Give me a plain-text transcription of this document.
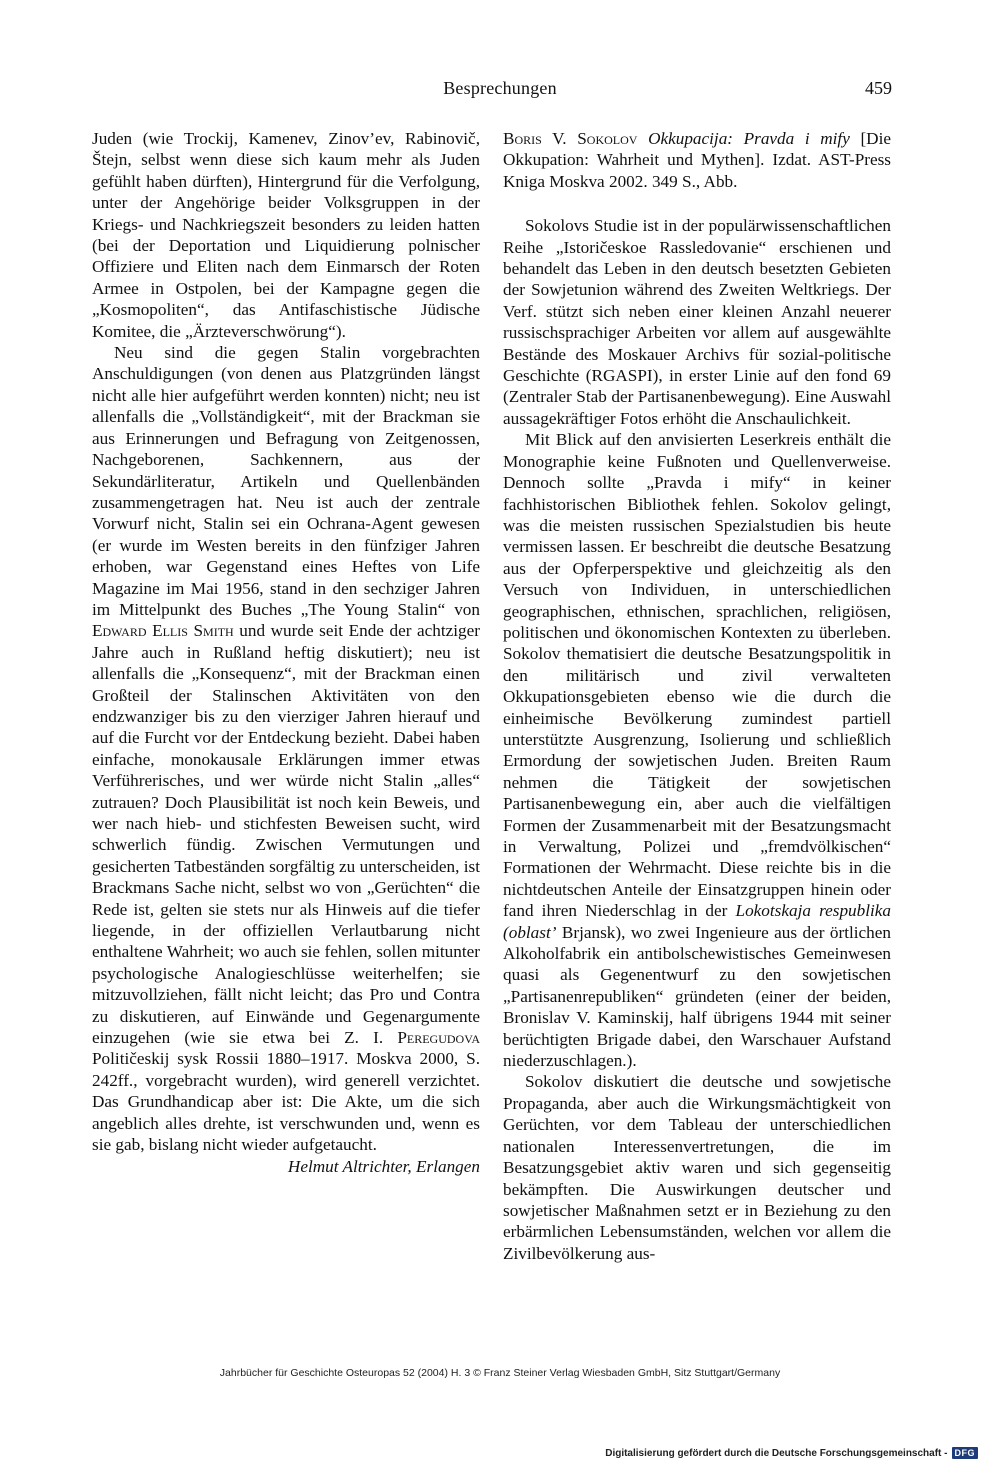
Besprechungen	459

Juden (wie Trockij, Kamenev, Zinov’ev, Rabinovič, Štejn, selbst wenn diese sich kaum mehr als Juden gefühlt haben dürften), Hintergrund für die Verfolgung, unter der Angehörige beider Volksgruppen in der Kriegs- und Nachkriegszeit besonders zu leiden hatten (bei der Deportation und Liquidierung polnischer Offiziere und Eliten nach dem Einmarsch der Roten Armee in Ostpolen, bei der Kampagne gegen die „Kosmopoliten“, das Antifaschistische Jüdische Komitee, die „Ärzteverschwörung“).

Neu sind die gegen Stalin vorgebrachten Anschuldigungen (von denen aus Platzgründen längst nicht alle hier aufgeführt werden konnten) nicht; neu ist allenfalls die „Vollständigkeit“, mit der Brackman sie aus Erinnerungen und Befragung von Zeitgenossen, Nachgeborenen, Sachkennern, aus der Sekundärliteratur, Artikeln und Quellenbänden zusammengetragen hat. Neu ist auch der zentrale Vorwurf nicht, Stalin sei ein Ochrana-Agent gewesen (er wurde im Westen bereits in den fünfziger Jahren erhoben, war Gegenstand eines Heftes von Life Magazine im Mai 1956, stand in den sechziger Jahren im Mittelpunkt des Buches „The Young Stalin“ von Edward Ellis Smith und wurde seit Ende der achtziger Jahre auch in Rußland heftig diskutiert); neu ist allenfalls die „Konsequenz“, mit der Brackman einen Großteil der Stalinschen Aktivitäten von den endzwanziger bis zu den vierziger Jahren hierauf und auf die Furcht vor der Entdeckung bezieht. Dabei haben einfache, monokausale Erklärungen immer etwas Verführerisches, und wer würde nicht Stalin „alles“ zutrauen? Doch Plausibilität ist noch kein Beweis, und wer nach hieb- und stichfesten Beweisen sucht, wird schwerlich fündig. Zwischen Vermutungen und gesicherten Tatbeständen sorgfältig zu unterscheiden, ist Brackmans Sache nicht, selbst wo von „Gerüchten“ die Rede ist, gelten sie stets nur als Hinweis auf die tiefer liegende, in der offiziellen Verlautbarung nicht enthaltene Wahrheit; wo auch sie fehlen, sollen mitunter psychologische Analogieschlüsse weiterhelfen; sie mitzuvollziehen, fällt nicht leicht; das Pro und Contra zu diskutieren, auf Einwände und Gegenargumente einzugehen (wie sie etwa bei Z. I. Peregudova Političeskij sysk Rossii 1880–1917. Moskva 2000, S. 242ff., vorgebracht wurden), wird generell verzichtet. Das Grundhandicap aber ist: Die Akte, um die sich angeblich alles drehte, ist verschwunden und, wenn es sie gab, bislang nicht wieder aufgetaucht.

Helmut Altrichter, Erlangen

Boris V. Sokolov Okkupacija: Pravda i mify [Die Okkupation: Wahrheit und Mythen]. Izdat. AST-Press Kniga Moskva 2002. 349 S., Abb.

Sokolovs Studie ist in der populärwissenschaftlichen Reihe „Istoričeskoe Rassledovanie“ erschienen und behandelt das Leben in den deutsch besetzten Gebieten der Sowjetunion während des Zweiten Weltkriegs. Der Verf. stützt sich neben einer kleinen Anzahl neuerer russischsprachiger Arbeiten vor allem auf ausgewählte Bestände des Moskauer Archivs für sozial-politische Geschichte (RGASPI), in erster Linie auf den fond 69 (Zentraler Stab der Partisanenbewegung). Eine Auswahl aussagekräftiger Fotos erhöht die Anschaulichkeit.

Mit Blick auf den anvisierten Leserkreis enthält die Monographie keine Fußnoten und Quellenverweise. Dennoch sollte „Pravda i mify“ in keiner fachhistorischen Bibliothek fehlen. Sokolov gelingt, was die meisten russischen Spezialstudien bis heute vermissen lassen. Er beschreibt die deutsche Besatzung aus der Opferperspektive und gleichzeitig als den Versuch von Individuen, in unterschiedlichen geographischen, ethnischen, sprachlichen, religiösen, politischen und ökonomischen Kontexten zu überleben. Sokolov thematisiert die deutsche Besatzungspolitik in den militärisch und zivil verwalteten Okkupationsgebieten ebenso wie die durch die einheimische Bevölkerung zumindest partiell unterstützte Ausgrenzung, Isolierung und schließlich Ermordung der sowjetischen Juden. Breiten Raum nehmen die Tätigkeit der sowjetischen Partisanenbewegung ein, aber auch die vielfältigen Formen der Zusammenarbeit mit der Besatzungsmacht in Verwaltung, Polizei und „fremdvölkischen“ Formationen der Wehrmacht. Diese reichte bis in die nichtdeutschen Anteile der Einsatzgruppen hinein oder fand ihren Niederschlag in der Lokotskaja respublika (oblast’ Brjansk), wo zwei Ingenieure aus der örtlichen Alkoholfabrik ein antibolschewistisches Gemeinwesen quasi als Gegenentwurf zu den sowjetischen „Partisanenrepubliken“ gründeten (einer der beiden, Bronislav V. Kaminskij, half übrigens 1944 mit seiner berüchtigten Brigade dabei, den Warschauer Aufstand niederzuschlagen.).

Sokolov diskutiert die deutsche und sowjetische Propaganda, aber auch die Wirkungsmächtigkeit von Gerüchten, vor dem Tableau der unterschiedlichen nationalen Interessenvertretungen, die im Besatzungsgebiet aktiv waren und sich gegenseitig bekämpften. Die Auswirkungen deutscher und sowjetischer Maßnahmen setzt er in Beziehung zu den erbärmlichen Lebensumständen, welchen vor allem die Zivilbevölkerung aus-

Jahrbücher für Geschichte Osteuropas 52 (2004) H. 3 © Franz Steiner Verlag Wiesbaden GmbH, Sitz Stuttgart/Germany
Digitalisierung gefördert durch die Deutsche Forschungsgemeinschaft - DFG
